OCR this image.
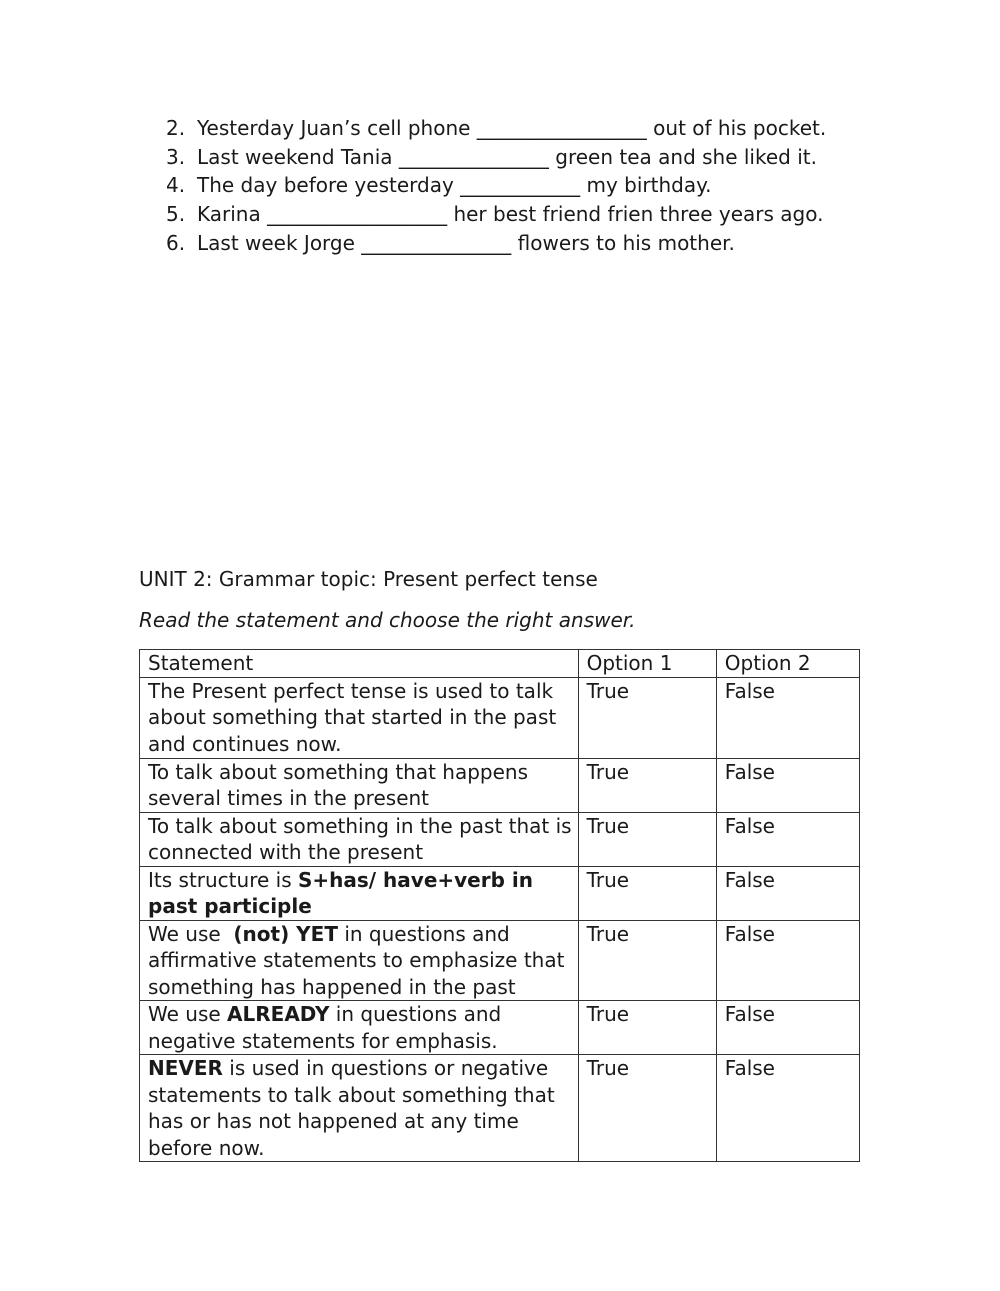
2. Yesterday Juan’s cell phone _________________ out of his pocket.
3. Last weekend Tania _______________ green tea and she liked it.
4. The day before yesterday ____________ my birthday.
5. Karina __________________ her best friend frien three years ago.
6. Last week Jorge _______________ flowers to his mother.
UNIT 2: Grammar topic: Present perfect tense

Read the statement and choose the right answer.

Statement	Option 1	Option 2
The Present perfect tense is used to talk about something that started in the past and continues now.	True	False
To talk about something that happens several times in the present	True	False
To talk about something in the past that is connected with the present	True	False
Its structure is S+has/ have+verb in past participle	True	False
We use  (not) YET in questions and affirmative statements to emphasize that something has happened in the past	True	False
We use ALREADY in questions and negative statements for emphasis.	True	False
NEVER is used in questions or negative statements to talk about something that has or has not happened at any time before now.	True	False
